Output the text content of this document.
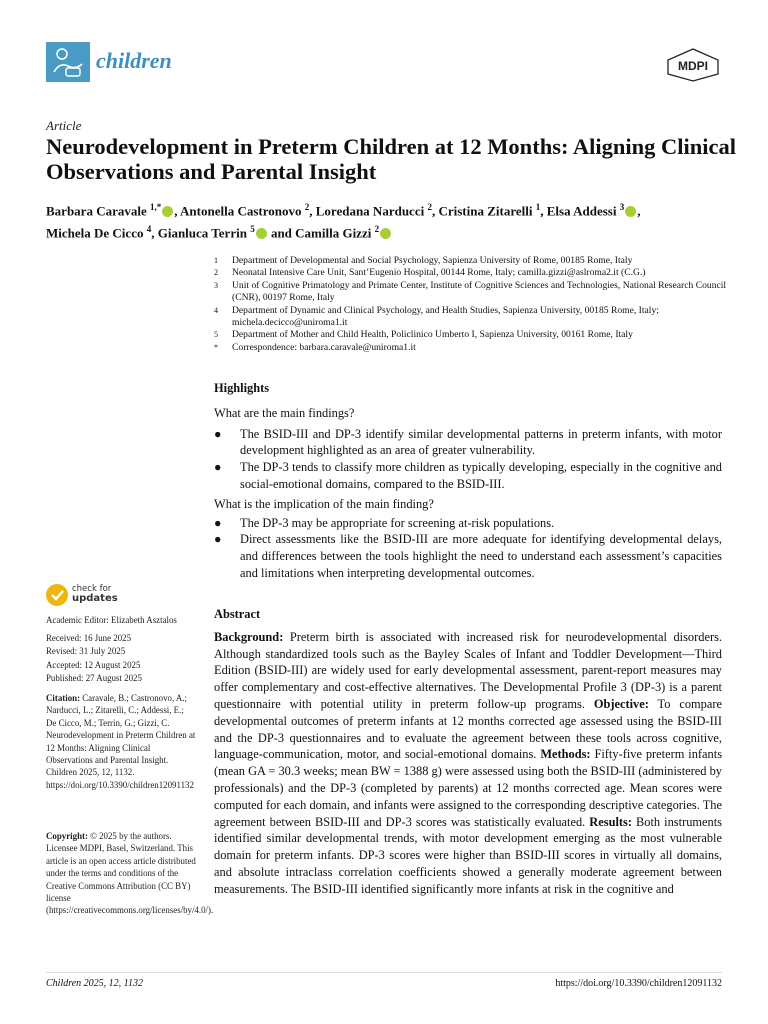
children	MDPI
Article
Neurodevelopment in Preterm Children at 12 Months: Aligning Clinical Observations and Parental Insight
Barbara Caravale $^{1,*}$ , Antonella Castronovo $^2$, Loredana Narducci $^2$, Cristina Zitarelli $^1$, Elsa Addessi $^3$ ,
Michela De Cicco $^4$, Gianluca Terrin $^5$ and Camilla Gizzi $^2$
1	Department of Developmental and Social Psychology, Sapienza University of Rome, 00185 Rome, Italy
2	Neonatal Intensive Care Unit, Sant’Eugenio Hospital, 00144 Rome, Italy; camilla.gizzi@aslroma2.it (C.G.)
3	Unit of Cognitive Primatology and Primate Center, Institute of Cognitive Sciences and Technologies, National Research Council (CNR), 00197 Rome, Italy
4	Department of Dynamic and Clinical Psychology, and Health Studies, Sapienza University, 00185 Rome, Italy; michela.decicco@uniroma1.it
5	Department of Mother and Child Health, Policlinico Umberto I, Sapienza University, 00161 Rome, Italy
*	Correspondence: barbara.caravale@uniroma1.it
Highlights
What are the main findings?
●	The BSID-III and DP-3 identify similar developmental patterns in preterm infants, with motor development highlighted as an area of greater vulnerability.
●	The DP-3 tends to classify more children as typically developing, especially in the cognitive and social-emotional domains, compared to the BSID-III.
What is the implication of the main finding?
●	The DP-3 may be appropriate for screening at-risk populations.
●	Direct assessments like the BSID-III are more adequate for identifying developmental delays, and differences between the tools highlight the need to understand each assessment’s capacities and limitations when interpreting developmental outcomes.
Abstract

Background: Preterm birth is associated with increased risk for neurodevelopmental disorders. Although standardized tools such as the Bayley Scales of Infant and Toddler Development—Third Edition (BSID-III) are widely used for early developmental assessment, parent-report measures may offer complementary and cost-effective alternatives. The Developmental Profile 3 (DP-3) is a parent questionnaire with potential utility in preterm follow-up programs. Objective: To compare developmental outcomes of preterm infants at 12 months corrected age assessed using the BSID-III and the DP-3 questionnaires and to evaluate the agreement between these tools across cognitive, language-communication, motor, and social-emotional domains. Methods: Fifty-five preterm infants (mean GA = 30.3 weeks; mean BW = 1388 g) were assessed using both the BSID-III (administered by professionals) and the DP-3 (completed by parents) at 12 months corrected age. Mean scores were computed for each domain, and infants were assigned to the corresponding descriptive categories. The agreement between BSID-III and DP-3 scores was statistically evaluated. Results: Both instruments identified similar developmental trends, with motor development emerging as the most vulnerable domain for preterm infants. DP-3 scores were higher than BSID-III scores in virtually all domains, and absolute intraclass correlation coefficients showed a generally moderate agreement between measurements. The BSID-III identified significantly more infants at risk in the cognitive and

check for
updates
Academic Editor: Elizabeth Asztalos
Received: 16 June 2025
Revised: 31 July 2025
Accepted: 12 August 2025
Published: 27 August 2025
Citation: Caravale, B.; Castronovo, A.; Narducci, L.; Zitarelli, C.; Addessi, E.; De Cicco, M.; Terrin, G.; Gizzi, C. Neurodevelopment in Preterm Children at 12 Months: Aligning Clinical Observations and Parental Insight. Children 2025, 12, 1132. https://doi.org/10.3390/children12091132
Copyright: © 2025 by the authors. Licensee MDPI, Basel, Switzerland. This article is an open access article distributed under the terms and conditions of the Creative Commons Attribution (CC BY) license (https://creativecommons.org/licenses/by/4.0/).
Children 2025, 12, 1132	https://doi.org/10.3390/children12091132
